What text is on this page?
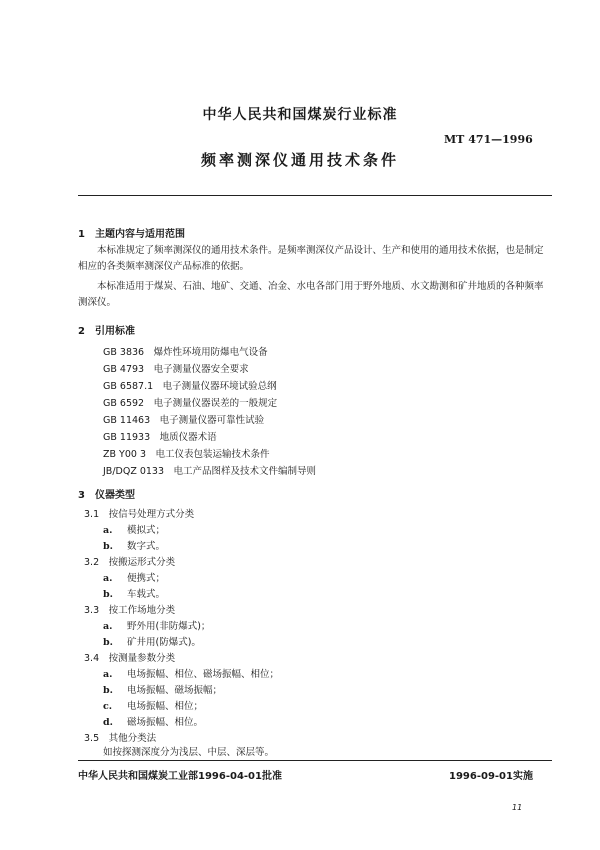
中华人民共和国煤炭行业标准
MT 471—1996
频率测深仪通用技术条件
1　主题内容与适用范围
本标准规定了频率测深仪的通用技术条件。是频率测深仪产品设计、生产和使用的通用技术依据，也是制定相应的各类频率测深仪产品标准的依据。
本标准适用于煤炭、石油、地矿、交通、冶金、水电各部门用于野外地质、水文勘测和矿井地质的各种频率测深仪。
2　引用标准
GB 3836　爆炸性环境用防爆电气设备
GB 4793　电子测量仪器安全要求
GB 6587.1　电子测量仪器环境试验总纲
GB 6592　电子测量仪器误差的一般规定
GB 11463　电子测量仪器可靠性试验
GB 11933　地质仪器术语
ZB Y00 3　电工仪表包装运输技术条件
JB/DQZ 0133　电工产品图样及技术文件编制导则
3　仪器类型
3.1　按信号处理方式分类
a. 模拟式；
b. 数字式。
3.2　按搬运形式分类
a. 便携式；
b. 车载式。
3.3　按工作场地分类
a. 野外用(非防爆式)；
b. 矿井用(防爆式)。
3.4　按测量参数分类
a. 电场振幅、相位、磁场振幅、相位；
b. 电场振幅、磁场振幅；
c. 电场振幅、相位；
d. 磁场振幅、相位。
3.5　其他分类法
如按探测深度分为浅层、中层、深层等。
中华人民共和国煤炭工业部1996-04-01批准	1996-09-01实施
11
